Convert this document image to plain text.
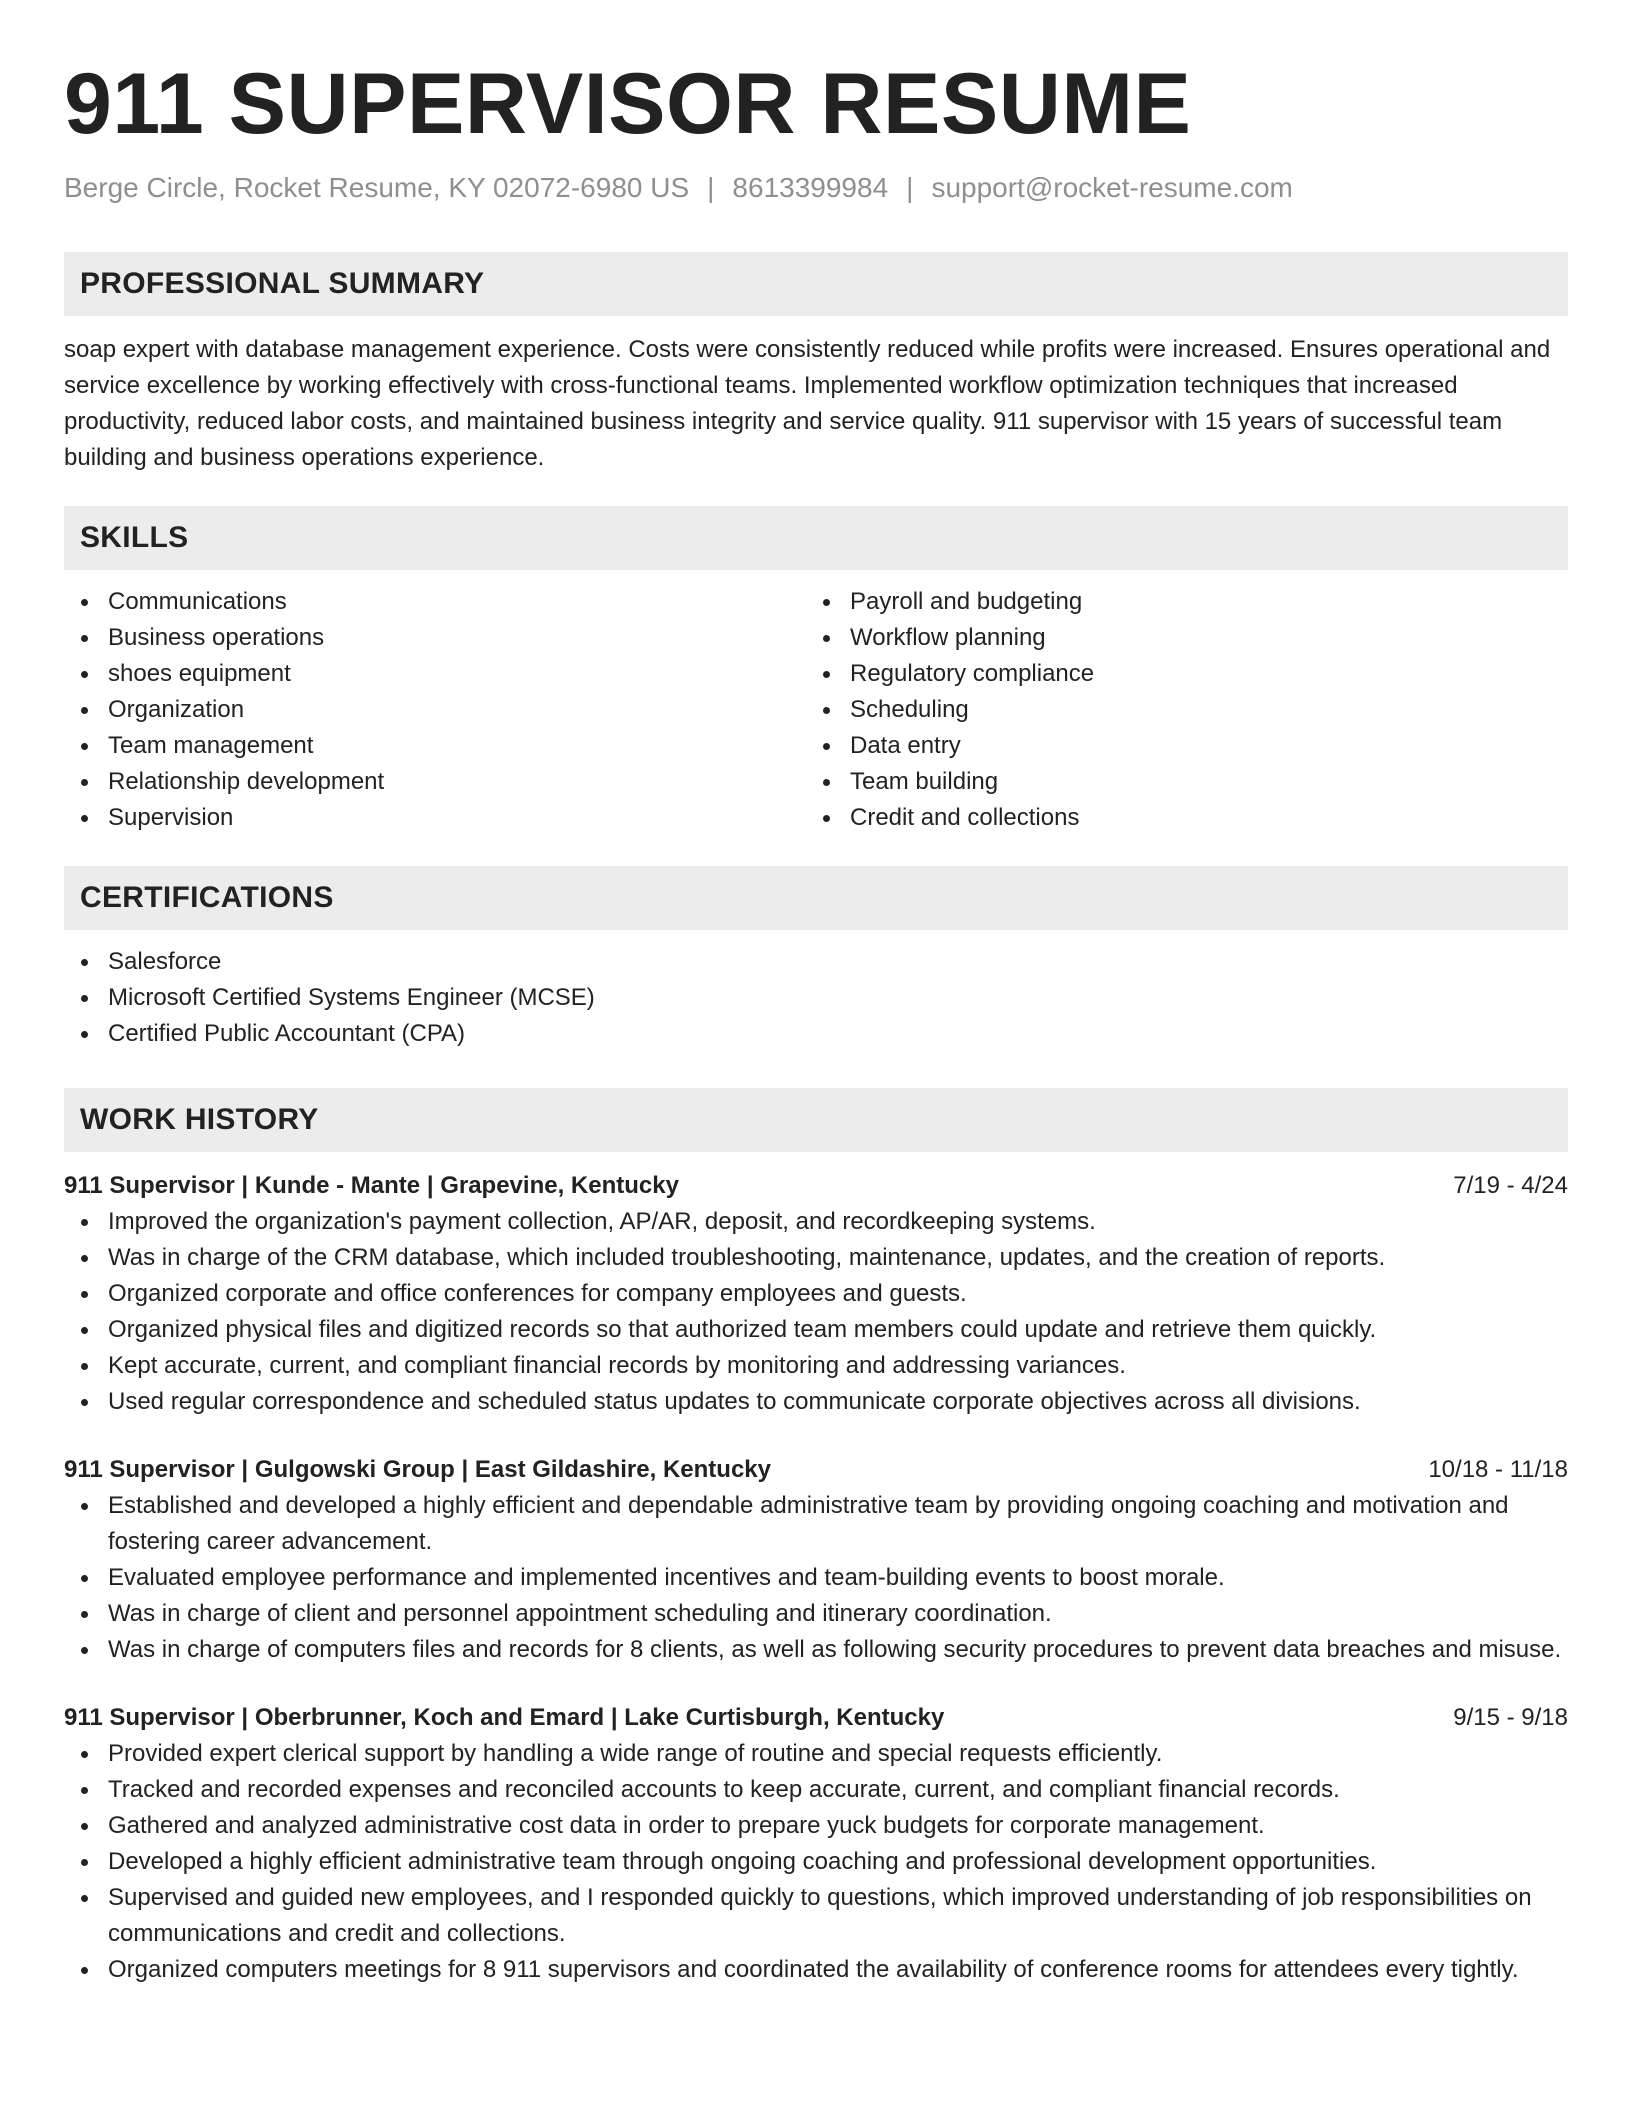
911 SUPERVISOR RESUME
Berge Circle, Rocket Resume, KY 02072-6980 US | 8613399984 | support@rocket-resume.com
PROFESSIONAL SUMMARY

soap expert with database management experience. Costs were consistently reduced while profits were increased. Ensures operational and service excellence by working effectively with cross-functional teams. Implemented workflow optimization techniques that increased productivity, reduced labor costs, and maintained business integrity and service quality. 911 supervisor with 15 years of successful team building and business operations experience.

SKILLS
Communications
Business operations
shoes equipment
Organization
Team management
Relationship development
Supervision
Payroll and budgeting
Workflow planning
Regulatory compliance
Scheduling
Data entry
Team building
Credit and collections
CERTIFICATIONS
Salesforce
Microsoft Certified Systems Engineer (MCSE)
Certified Public Accountant (CPA)
WORK HISTORY
911 Supervisor | Kunde - Mante | Grapevine, Kentucky	7/19 - 4/24
Improved the organization's payment collection, AP/AR, deposit, and recordkeeping systems.
Was in charge of the CRM database, which included troubleshooting, maintenance, updates, and the creation of reports.
Organized corporate and office conferences for company employees and guests.
Organized physical files and digitized records so that authorized team members could update and retrieve them quickly.
Kept accurate, current, and compliant financial records by monitoring and addressing variances.
Used regular correspondence and scheduled status updates to communicate corporate objectives across all divisions.
911 Supervisor | Gulgowski Group | East Gildashire, Kentucky	10/18 - 11/18
Established and developed a highly efficient and dependable administrative team by providing ongoing coaching and motivation and fostering career advancement.
Evaluated employee performance and implemented incentives and team-building events to boost morale.
Was in charge of client and personnel appointment scheduling and itinerary coordination.
Was in charge of computers files and records for 8 clients, as well as following security procedures to prevent data breaches and misuse.
911 Supervisor | Oberbrunner, Koch and Emard | Lake Curtisburgh, Kentucky	9/15 - 9/18
Provided expert clerical support by handling a wide range of routine and special requests efficiently.
Tracked and recorded expenses and reconciled accounts to keep accurate, current, and compliant financial records.
Gathered and analyzed administrative cost data in order to prepare yuck budgets for corporate management.
Developed a highly efficient administrative team through ongoing coaching and professional development opportunities.
Supervised and guided new employees, and I responded quickly to questions, which improved understanding of job responsibilities on communications and credit and collections.
Organized computers meetings for 8 911 supervisors and coordinated the availability of conference rooms for attendees every tightly.
